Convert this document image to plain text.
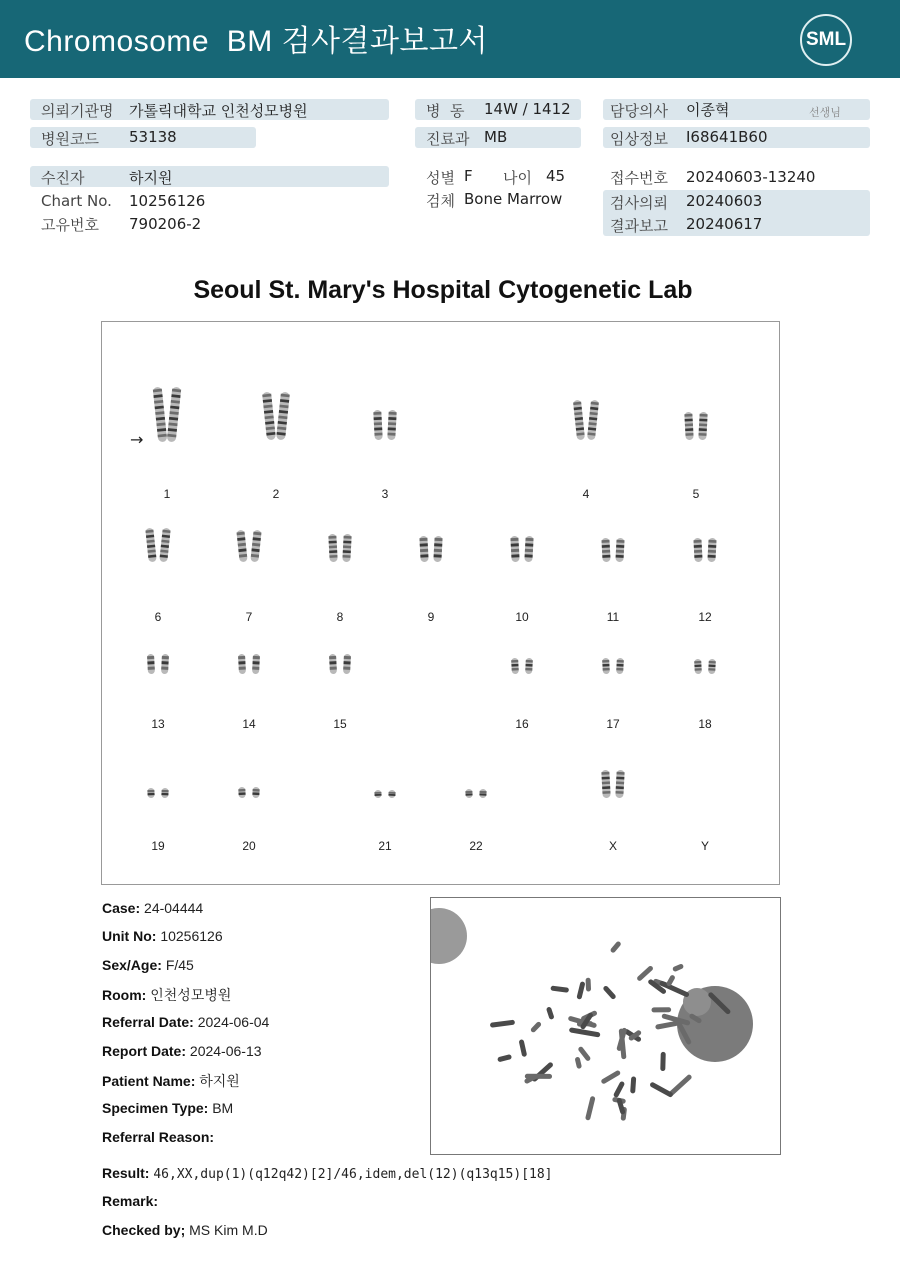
Chromosome  BM 검사결과보고서	SML
의뢰기관명 가톨릭대학교 인천성모병원
병원코드 53138
수진자	하지원
Chart No. 10256126
고유번호 790206-2
병  동 14W / 1412
진료과 MB
성별 F 나이 45
검체 Bone Marrow
담당의사 이종혁	선생님
임상정보 I68641B60
접수번호 20240603-13240
검사의뢰 20240603
결과보고 20240617
Seoul St. Mary's Hospital Cytogenetic Lab
→
1	2	3	4	5
6	7	8	9	10	11	12
13	14	15	16	17	18
19	20	21	22	X	Y
Case: 24-04444
Unit No: 10256126
Sex/Age: F/45
Room: 인천성모병원
Referral Date: 2024-06-04
Report Date: 2024-06-13
Patient Name: 하지원
Specimen Type: BM
Referral Reason:
Result: 46,XX,dup(1)(q12q42)[2]/46,idem,del(12)(q13q15)[18]
Remark:
Checked by; MS Kim M.D
